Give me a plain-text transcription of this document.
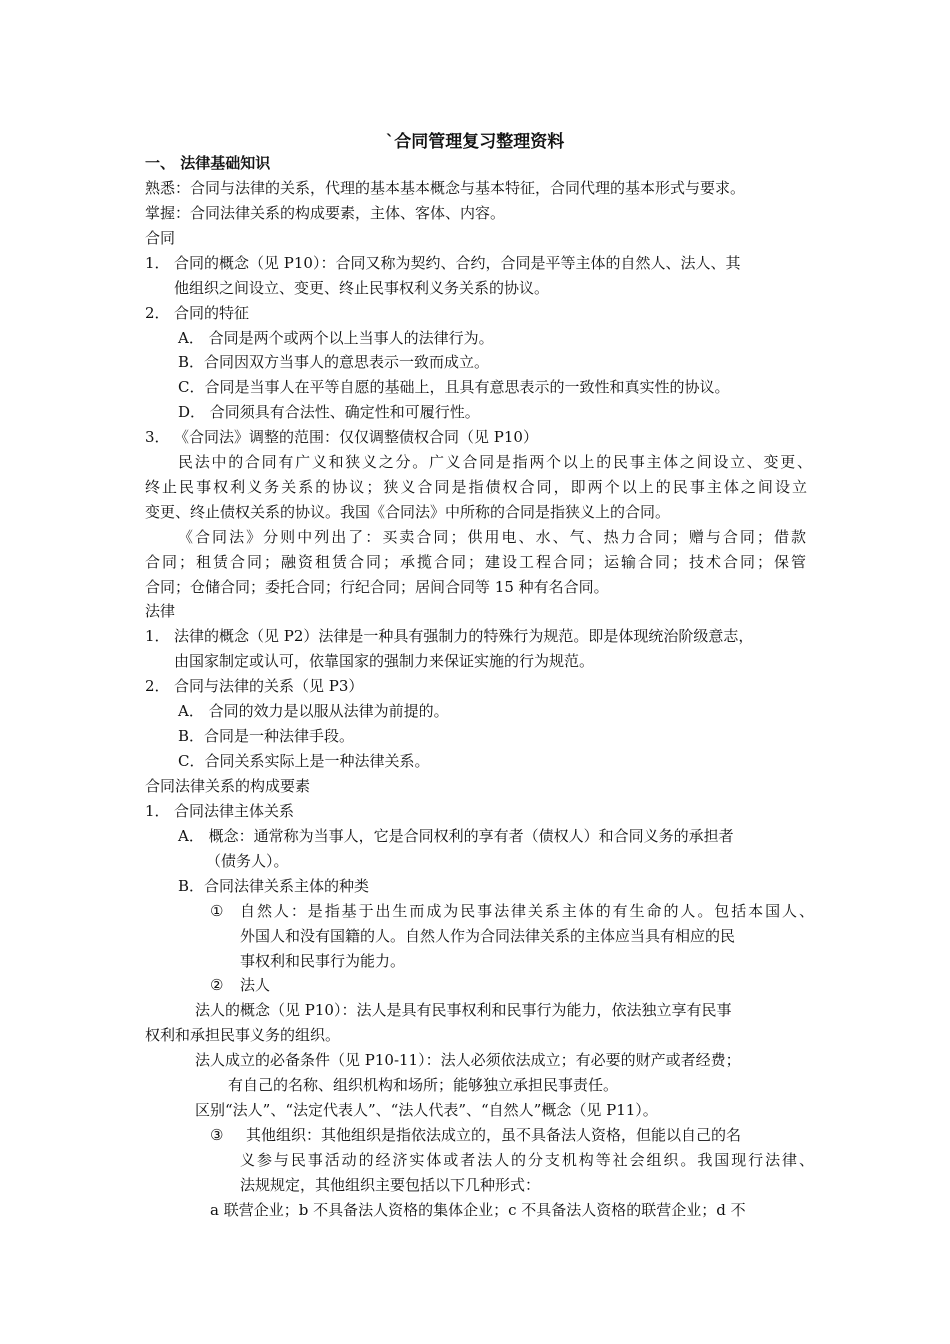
`合同管理复习整理资料
一、 法律基础知识
熟悉：合同与法律的关系，代理的基本基本概念与基本特征，合同代理的基本形式与要求。
掌握：合同法律关系的构成要素，主体、客体、内容。
合同
1． 合同的概念（见 P10）：合同又称为契约、合约，合同是平等主体的自然人、法人、其
他组织之间设立、变更、终止民事权利义务关系的协议。
2． 合同的特征
A． 合同是两个或两个以上当事人的法律行为。
B．合同因双方当事人的意思表示一致而成立。
C．合同是当事人在平等自愿的基础上，且具有意思表示的一致性和真实性的协议。
D． 合同须具有合法性、确定性和可履行性。
3． 《合同法》调整的范围：仅仅调整债权合同（见 P10）
民法中的合同有广义和狭义之分。广义合同是指两个以上的民事主体之间设立、变更、
终止民事权利义务关系的协议；狭义合同是指债权合同，即两个以上的民事主体之间设立
变更、终止债权关系的协议。我国《合同法》中所称的合同是指狭义上的合同。
《合同法》分则中列出了：买卖合同；供用电、水、气、热力合同；赠与合同；借款
合同；租赁合同；融资租赁合同；承揽合同；建设工程合同；运输合同；技术合同；保管
合同；仓储合同；委托合同；行纪合同；居间合同等 15 种有名合同。
法律
1． 法律的概念（见 P2）法律是一种具有强制力的特殊行为规范。即是体现统治阶级意志，
由国家制定或认可，依靠国家的强制力来保证实施的行为规范。
2． 合同与法律的关系（见 P3）
A． 合同的效力是以服从法律为前提的。
B．合同是一种法律手段。
C．合同关系实际上是一种法律关系。
合同法律关系的构成要素
1． 合同法律主体关系
A． 概念：通常称为当事人，它是合同权利的享有者（债权人）和合同义务的承担者
（债务人）。
B．合同法律关系主体的种类
① 自然人：是指基于出生而成为民事法律关系主体的有生命的人。包括本国人、
外国人和没有国籍的人。自然人作为合同法律关系的主体应当具有相应的民
事权利和民事行为能力。
② 法人
法人的概念（见 P10）：法人是具有民事权利和民事行为能力，依法独立享有民事
权利和承担民事义务的组织。
法人成立的必备条件（见 P10-11）：法人必须依法成立；有必要的财产或者经费；
有自己的名称、组织机构和场所；能够独立承担民事责任。
区别“法人”、“法定代表人”、“法人代表”、“自然人”概念（见 P11）。
③ 其他组织：其他组织是指依法成立的，虽不具备法人资格，但能以自己的名
义参与民事活动的经济实体或者法人的分支机构等社会组织。我国现行法律、
法规规定，其他组织主要包括以下几种形式：
a 联营企业；b 不具备法人资格的集体企业；c 不具备法人资格的联营企业；d 不
